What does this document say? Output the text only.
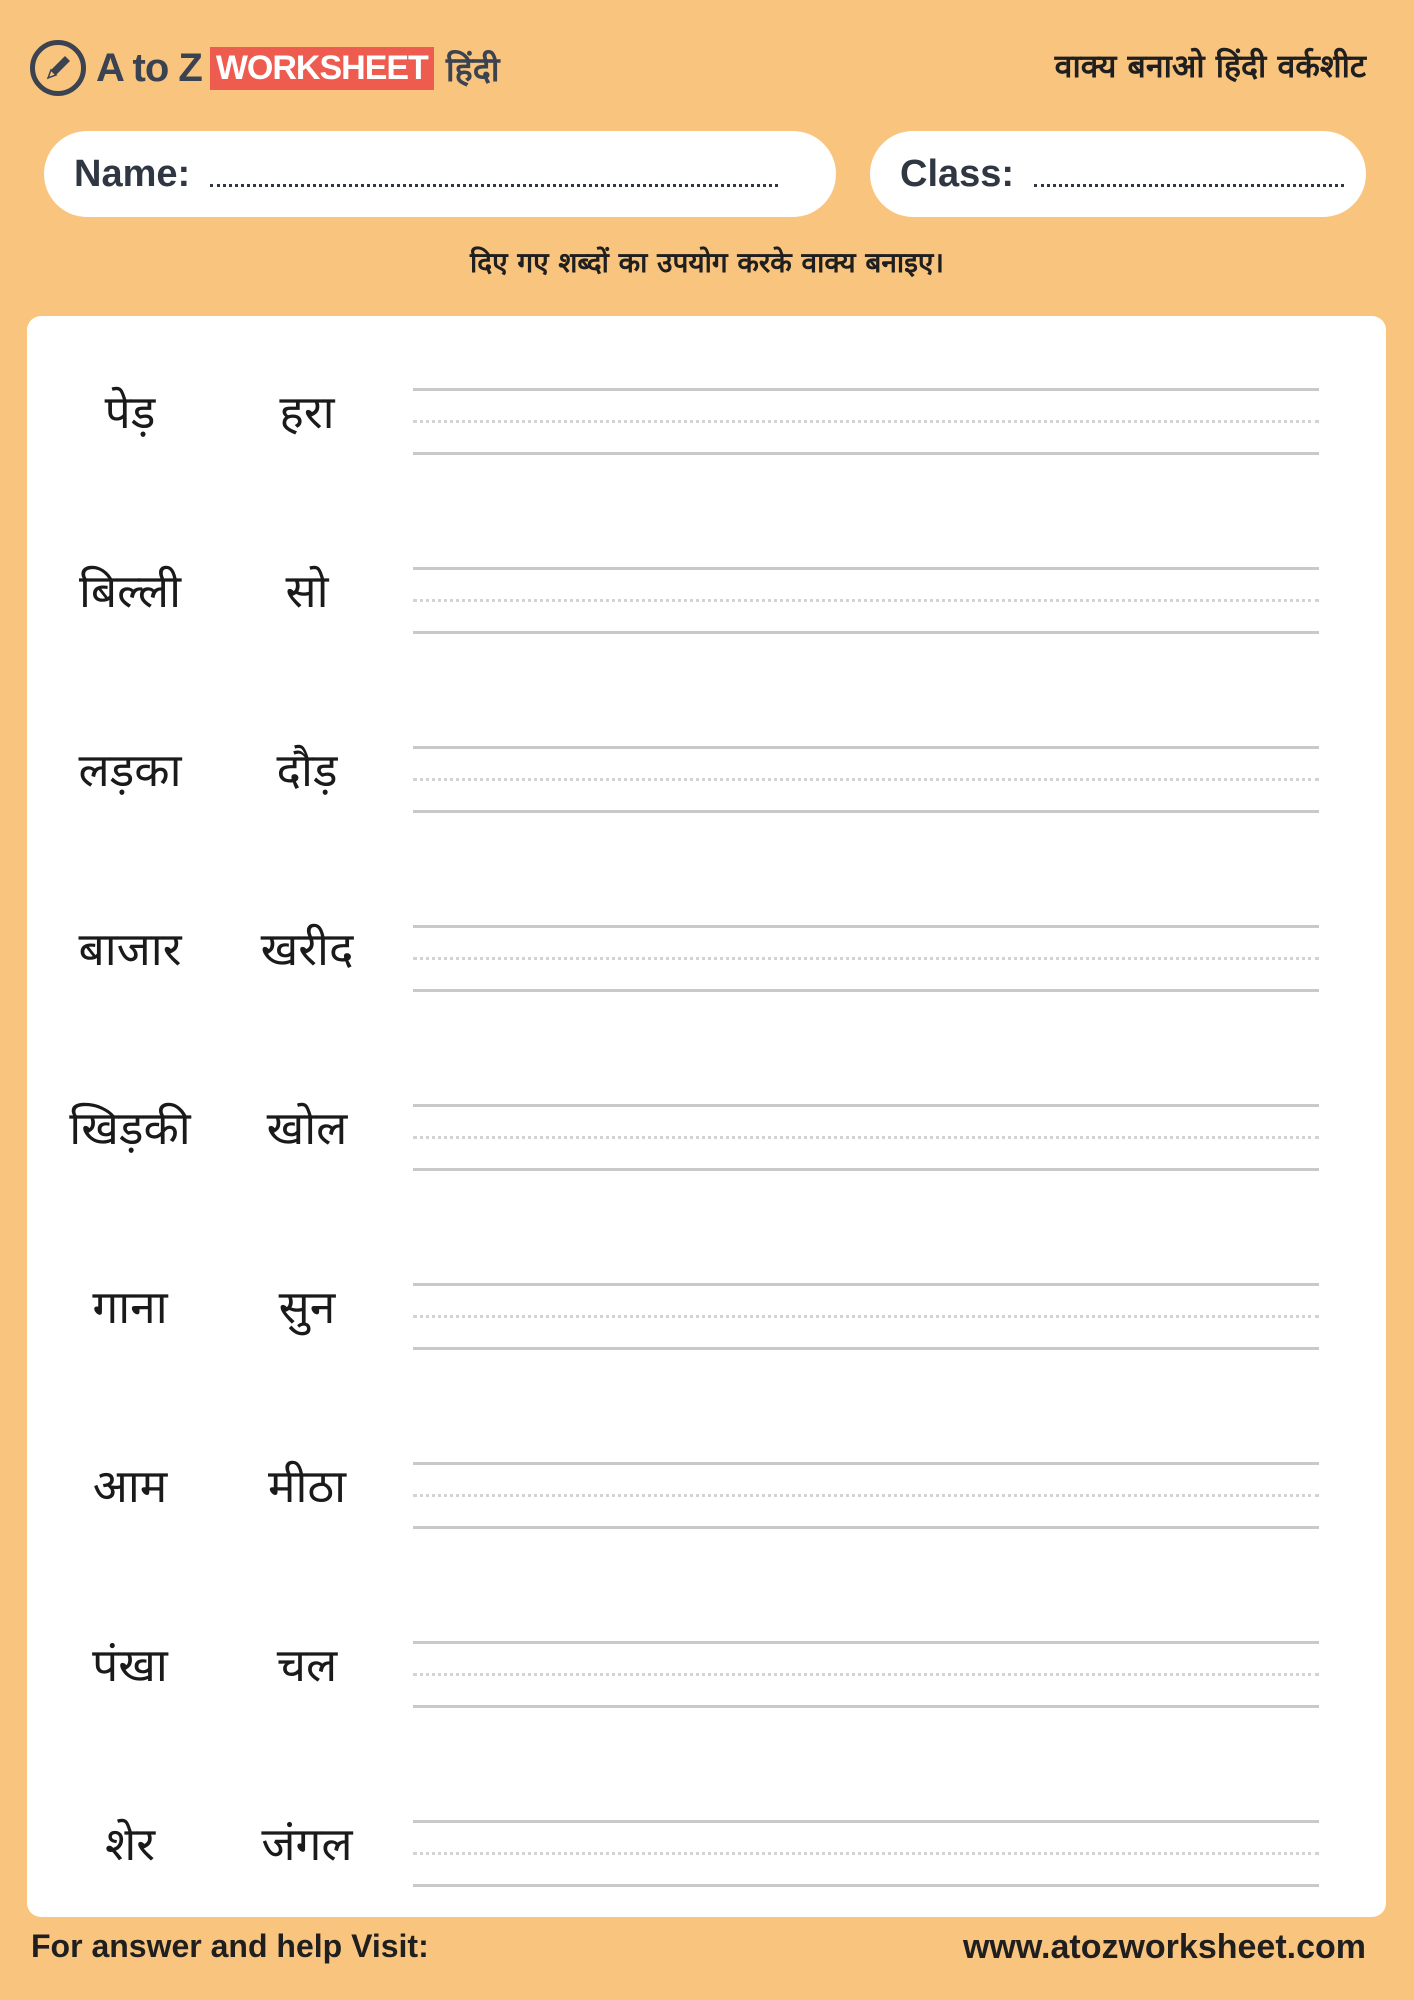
A to Z WORKSHEET हिंदी	वाक्य बनाओ हिंदी वर्कशीट
Name:	Class:
दिए गए शब्दों का उपयोग करके वाक्य बनाइए।
पेड़	हरा
बिल्ली	सो
लड़का	दौड़
बाजार	खरीद
खिड़की	खोल
गाना	सुन
आम	मीठा
पंखा	चल
शेर	जंगल
For answer and help Visit:	www.atozworksheet.com
